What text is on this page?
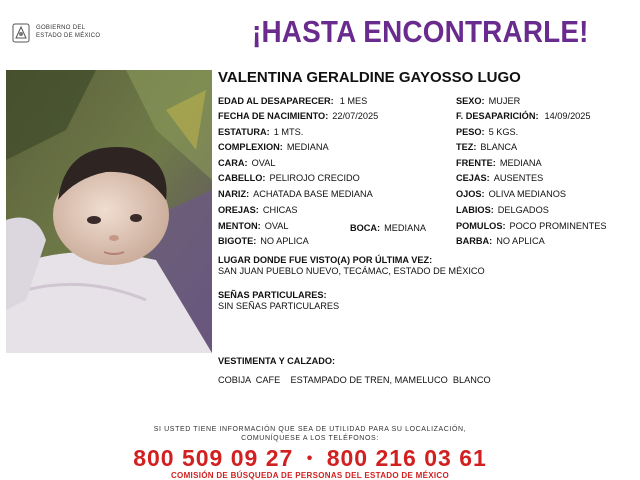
GOBIERNO DEL
ESTADO DE MÉXICO	¡HASTA ENCONTRARLE!
VALENTINA GERALDINE GAYOSSO LUGO
EDAD AL DESAPARECER: 1 MES
FECHA DE NACIMIENTO: 22/07/2025
ESTATURA: 1 MTS.
COMPLEXION: MEDIANA
CARA: OVAL
CABELLO: PELIROJO CRECIDO
NARIZ: ACHATADA BASE MEDIANA
OREJAS: CHICAS
MENTON: OVAL	BOCA: MEDIANA
BIGOTE: NO APLICA
SEXO: MUJER
F. DESAPARICIÓN: 14/09/2025
PESO: 5 KGS.
TEZ: BLANCA
FRENTE: MEDIANA
CEJAS: AUSENTES
OJOS: OLIVA MEDIANOS
LABIOS: DELGADOS
POMULOS: POCO PROMINENTES
BARBA: NO APLICA
LUGAR DONDE FUE VISTO(A) POR ÚLTIMA VEZ:
SAN JUAN PUEBLO NUEVO, TECÁMAC, ESTADO DE MÉXICO
SEÑAS PARTICULARES:
SIN SEÑAS PARTICULARES
VESTIMENTA Y CALZADO:
COBIJA  CAFE    ESTAMPADO DE TREN, MAMELUCO  BLANCO
SI USTED TIENE INFORMACIÓN QUE SEA DE UTILIDAD PARA SU LOCALIZACIÓN,
COMUNÍQUESE A LOS TELÉFONOS:
800 509 09 27 • 800 216 03 61
COMISIÓN DE BÚSQUEDA DE PERSONAS DEL ESTADO DE MÉXICO
